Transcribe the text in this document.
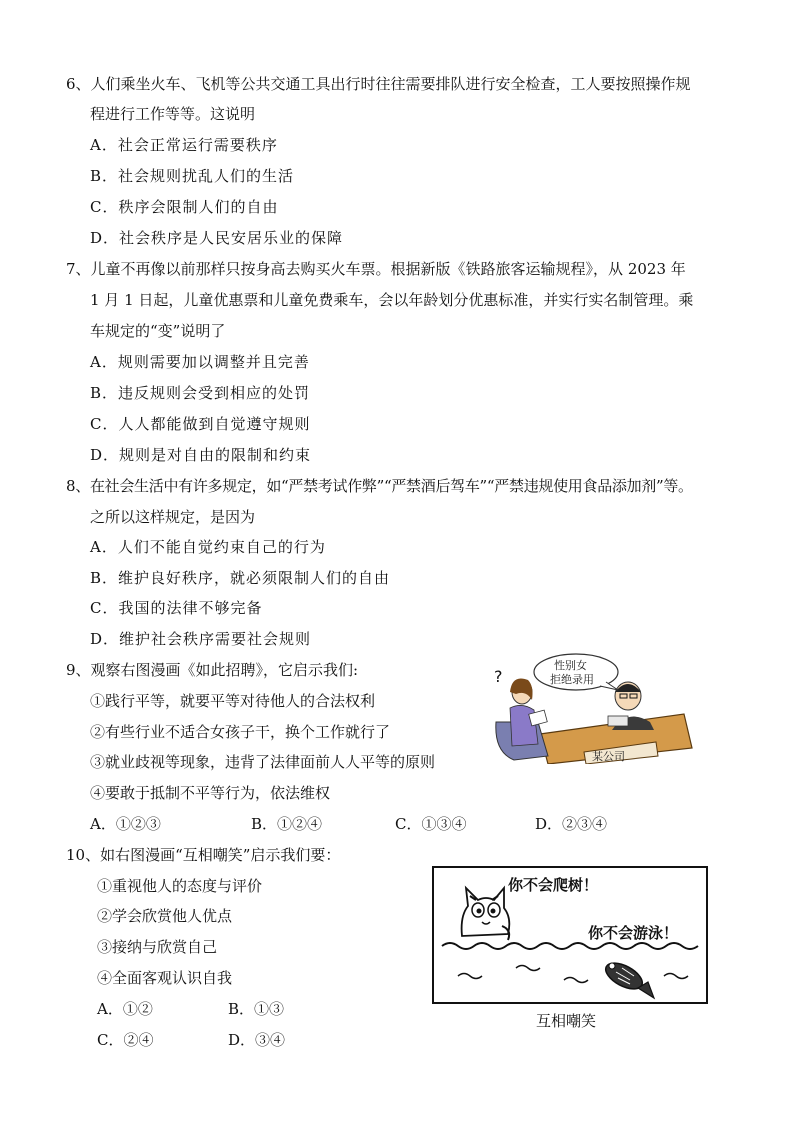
6、人们乘坐火车、飞机等公共交通工具出行时往往需要排队进行安全检查，工人要按照操作规
程进行工作等等。这说明
A．社会正常运行需要秩序
B．社会规则扰乱人们的生活
C．秩序会限制人们的自由
D．社会秩序是人民安居乐业的保障
7、儿童不再像以前那样只按身高去购买火车票。根据新版《铁路旅客运输规程》，从 2023 年
1 月 1 日起，儿童优惠票和儿童免费乘车，会以年龄划分优惠标准，并实行实名制管理。乘
车规定的“变”说明了
A．规则需要加以调整并且完善
B．违反规则会受到相应的处罚
C．人人都能做到自觉遵守规则
D．规则是对自由的限制和约束
8、在社会生活中有许多规定，如“严禁考试作弊”“严禁酒后驾车”“严禁违规使用食品添加剂”等。
之所以这样规定，是因为
A．人们不能自觉约束自己的行为
B．维护良好秩序，就必须限制人们的自由
C．我国的法律不够完备
D．维护社会秩序需要社会规则
9、观察右图漫画《如此招聘》，它启示我们:
①践行平等，就要平等对待他人的合法权利
②有些行业不适合女孩子干，换个工作就行了
③就业歧视等现象，违背了法律面前人人平等的原则
④要敢于抵制不平等行为，依法维权
A．①②③	B．①②④	C．①③④	D．②③④
某公司
?
性别女
拒绝录用
10、如右图漫画“互相嘲笑”启示我们要：
①重视他人的态度与评价
②学会欣赏他人优点
③接纳与欣赏自己
④全面客观认识自我
A．①②	B．①③
C．②④	D．③④
你不会爬树！
你不会游泳！
互相嘲笑
